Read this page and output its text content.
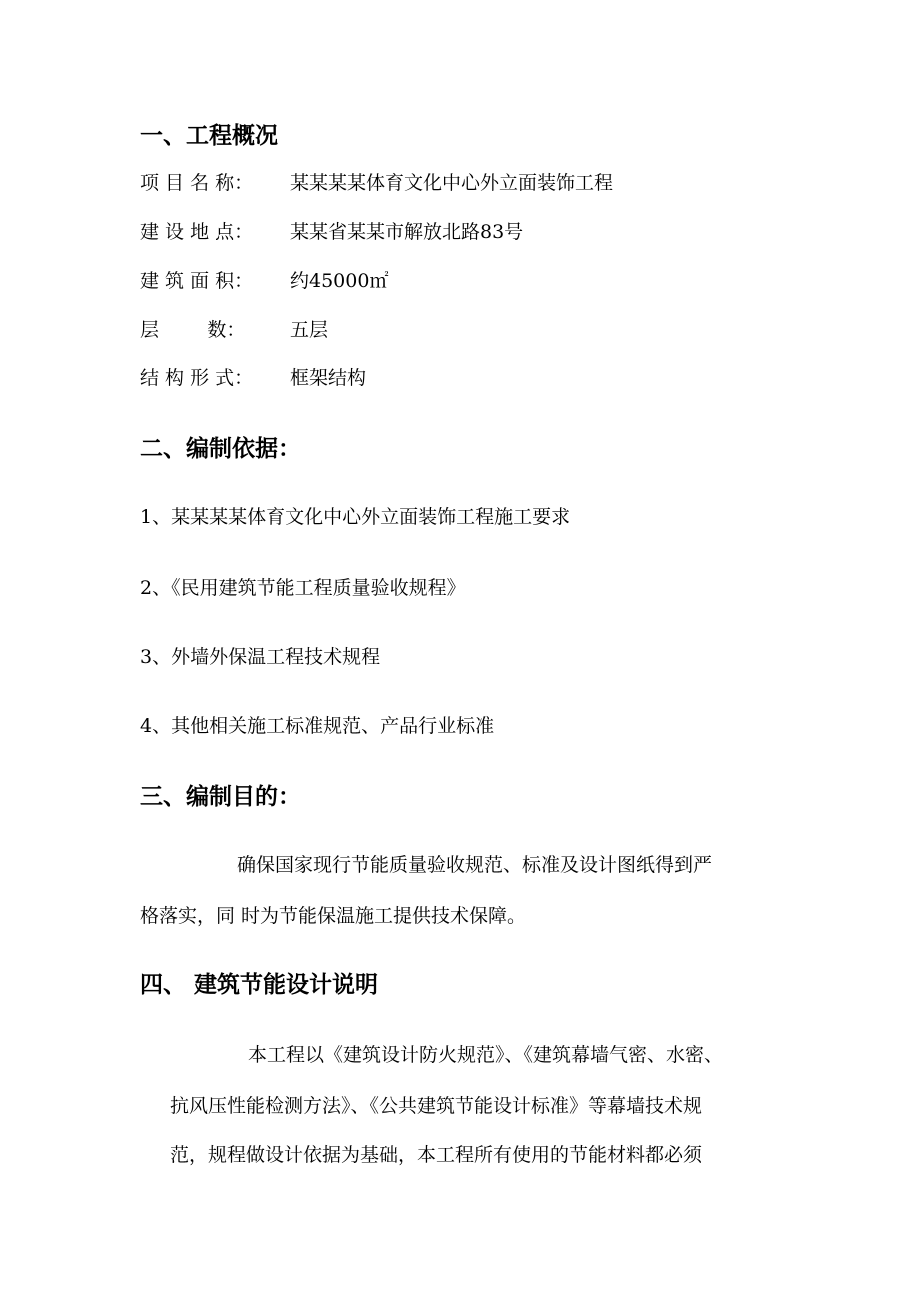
一、工程概况
项 目 名 称：	某某某某体育文化中心外立面装饰工程
建 设 地 点：	某某省某某市解放北路83号
建 筑 面 积：	约45000㎡
层        数：	五层
结 构 形 式：	框架结构
二、编制依据：
1、某某某某体育文化中心外立面装饰工程施工要求
2、《民用建筑节能工程质量验收规程》
3、外墙外保温工程技术规程
4、其他相关施工标准规范、产品行业标准
三、编制目的：
确保国家现行节能质量验收规范、标准及设计图纸得到严
格落实，同 时为节能保温施工提供技术保障。
四、 建筑节能设计说明
本工程以《建筑设计防火规范》、《建筑幕墙气密、水密、
抗风压性能检测方法》、《公共建筑节能设计标准》等幕墙技术规
范，规程做设计依据为基础，本工程所有使用的节能材料都必须
